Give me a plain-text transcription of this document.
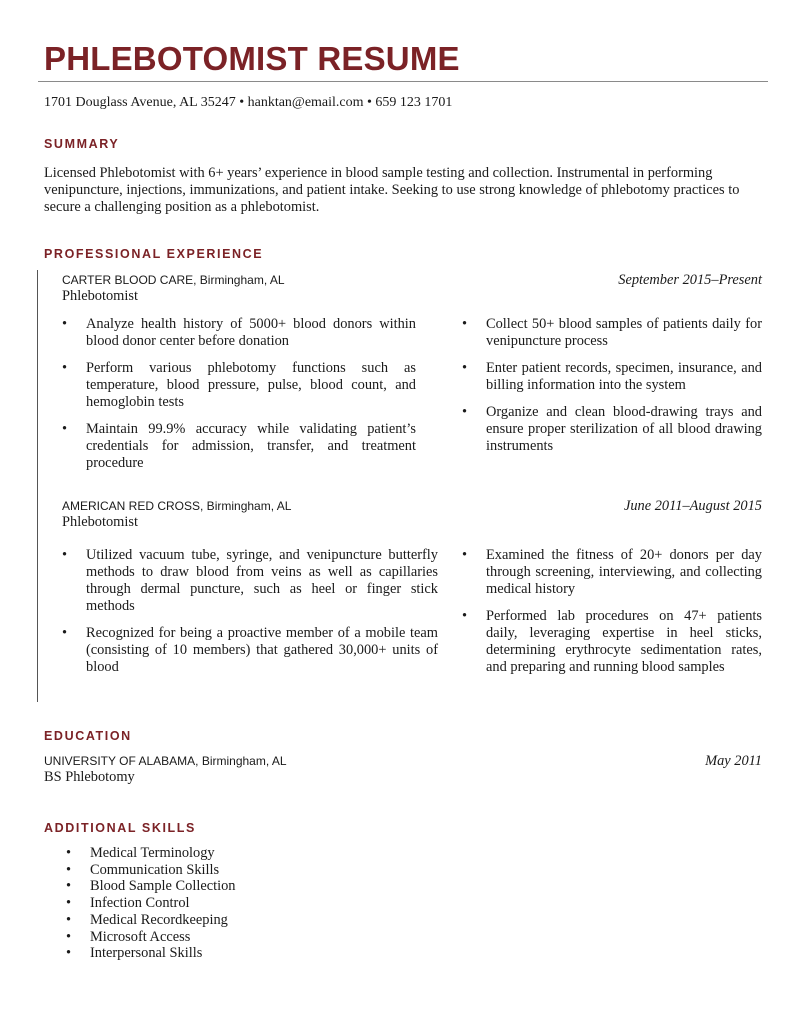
PHLEBOTOMIST RESUME
1701 Douglass Avenue, AL 35247 • hanktan@email.com • 659 123 1701
SUMMARY
Licensed Phlebotomist with 6+ years’ experience in blood sample testing and collection. Instrumental in performing venipuncture, injections, immunizations, and patient intake. Seeking to use strong knowledge of phlebotomy practices to secure a challenging position as a phlebotomist.
PROFESSIONAL EXPERIENCE
CARTER BLOOD CARE, Birmingham, AL
Phlebotomist
September 2015–Present
• Analyze health history of 5000+ blood donors within blood donor center before donation
• Perform various phlebotomy functions such as temperature, blood pressure, pulse, blood count, and hemoglobin tests
• Maintain 99.9% accuracy while validating patient’s credentials for admission, transfer, and treatment procedure
• Collect 50+ blood samples of patients daily for venipuncture process
• Enter patient records, specimen, insurance, and billing information into the system
• Organize and clean blood-drawing trays and ensure proper sterilization of all blood drawing instruments
AMERICAN RED CROSS, Birmingham, AL
Phlebotomist
June 2011–August 2015
• Utilized vacuum tube, syringe, and venipuncture butterfly methods to draw blood from veins as well as capillaries through dermal puncture, such as heel or finger stick methods
• Recognized for being a proactive member of a mobile team (consisting of 10 members) that gathered 30,000+ units of blood
• Examined the fitness of 20+ donors per day through screening, interviewing, and collecting medical history
• Performed lab procedures on 47+ patients daily, leveraging expertise in heel sticks, determining erythrocyte sedimentation rates, and preparing and running blood samples
EDUCATION
UNIVERSITY OF ALABAMA, Birmingham, AL
BS Phlebotomy
May 2011
ADDITIONAL SKILLS
• Medical Terminology
• Communication Skills
• Blood Sample Collection
• Infection Control
• Medical Recordkeeping
• Microsoft Access
• Interpersonal Skills
